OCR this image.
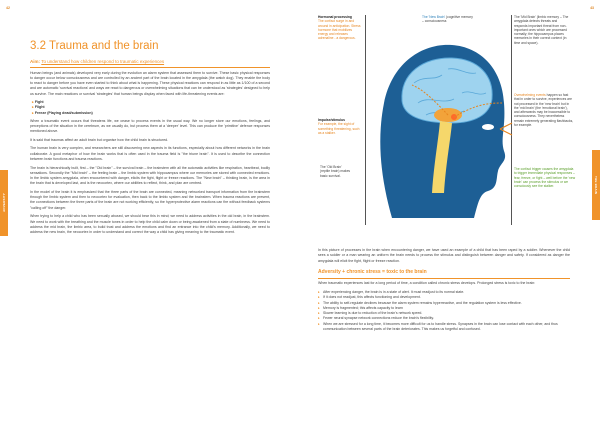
42	43
ADVERSITY
THE BRAIN
3.2 Trauma and the brain
Aim: To understand how children respond to traumatic experiences

Human beings (and animals) developed very early during the evolution an alarm system that assessed them to survive. These basic physical responses to danger occur below consciousness and are controlled by an ancient part of the brain located in the amygdala (the watch dog). They enable the body to react to danger before you have even started to think about what is happening. These physical reactions can respond in as little as 1/100 of a second and are automatic 'survival reactions' and ways we react to dangerous or overwhelming situations that can be understood as 'strategies' designed to help us survive. The main reactions or survival 'strategies' that human beings display when faced with life-threatening events are:

▸ Fight
▸ Flight
▸ Freeze (Playing dead/submission)

When a traumatic event occurs that threatens life, we cease to process events in the usual way. We no longer store our emotions, feelings, and perceptions of the situation in the cerebrum, as we usually do, but process them at a 'deeper' level. This can produce the 'primitive' defence responses mentioned above.

It is said that traumas affect an adult brain but organise how the child brain is structured.

The human brain is very complex, and researchers are still discovering new aspects in its functions, especially about how different networks in the brain collaborate. A good metaphor of how the brain works that is often used in the trauma field is "the triune brain". It is used to describe the connection between brain functions and trauma reactions.

The brain is hierarchically built, first – the "Old brain" – the survival brain – the brainstem with all the automatic activities like respiration, heartbeat, bodily sensations. Secondly the "Mid brain" – the feeling brain – the limbic system with hippocampus where our memories are stored with connected emotions. In the limbic system amygdala, when encountered with danger, elicits the fight, flight or freeze reactions. The "New brain" – thinking brain, is the area in the brain that is developed last, and is the neocortex, where our abilities to reflect, think, and plan are centred.

In the model of the brain it is emphasized that the three parts of the brain are connected, meaning networked transport information from the brainstem through the limbic system and then to neocortex for evaluation, then back to the limbic system and the brainstem. When trauma reactions are present, the connections between the three parts of the brain are not working efficiently, so the hyperprotective alarm reactions can fire without feedback systems "calling off" the danger.

When trying to help a child who has been sexually abused, we should bear this in mind; we need to address activities in the old brain, in the brainstem. We need to work with the breathing and the muscle tones in order to help the child calm down or being awakened from a state of numbness. We need to address the mid brain, the limbic area, to build trust and address the emotions and find an entrance into the child's memory. Additionally, we need to address the new brain, the neocortex in order to understand and correct the way a child has giving meaning to the traumatic event.

Hormonal processing
The cortisol surge in and around in anticipation. Stress hormone that mobilizes energy and releases adrenaline - a dangerous.
Impulse/stimulus
For example, the sight of something threatening, such as a stalker.
The 'Old Brain'
(reptile brain) makes basic survival.
The 'New Brain' (cognitive memory – consciousness
The 'Mid Brain' (limbic memory – The amygdala detects threats and responds important threat from non-important ones which are processed normally; the hippocampus places memories in their correct context (in time and space).
Overwhelming events happen so fast that in order to survive, experiences are not processed in the 'new brain' but in the 'mid brain' (the 'emotional brain'), and afterwards may be inaccessible to consciousness. They nevertheless remain extremely generating flashbacks, for example.
The cortisol trigger causes the amygdala to trigger immediate physical responses – fear, freeze, or fight – well before the 'new brain' can process the stimulus or we consciously see the stalker.

In this picture of processes in the brain when encountering danger, we have used an example of a child that has been raped by a soldier. Whenever the child sees a soldier or a man wearing an uniform the brain needs to process the stimulus and distinguish between danger and safety. If considered as danger the amygdala will elicit the fight, flight or freeze reaction.

Adversity + chronic stress = toxic to the brain

When traumatic experiences last for a long period of time, a condition called chronic stress develops. Prolonged stress is toxic to the brain:

▸ After experiencing danger, the brain is in a state of alert. It must readjust to its normal state.
▸ If it does not readjust, this affects functioning and development.
▸ The ability to self-regulate declines because the alarm system remains hyperreactive, and the regulation system is less effective.
▸ Memory is fragmented; this affects capacity to learn
▸ Slower learning is due to reduction of the brain's network speed.
▸ Fewer neural synapse network connections reduce the brain's flexibility.
▸ When we are stressed for a long time, it becomes more difficult for us to handle stress. Synapses in the brain can lose contact with each other, and thus communication between several parts of the brain deteriorates. This makes us forgetful and confused.
